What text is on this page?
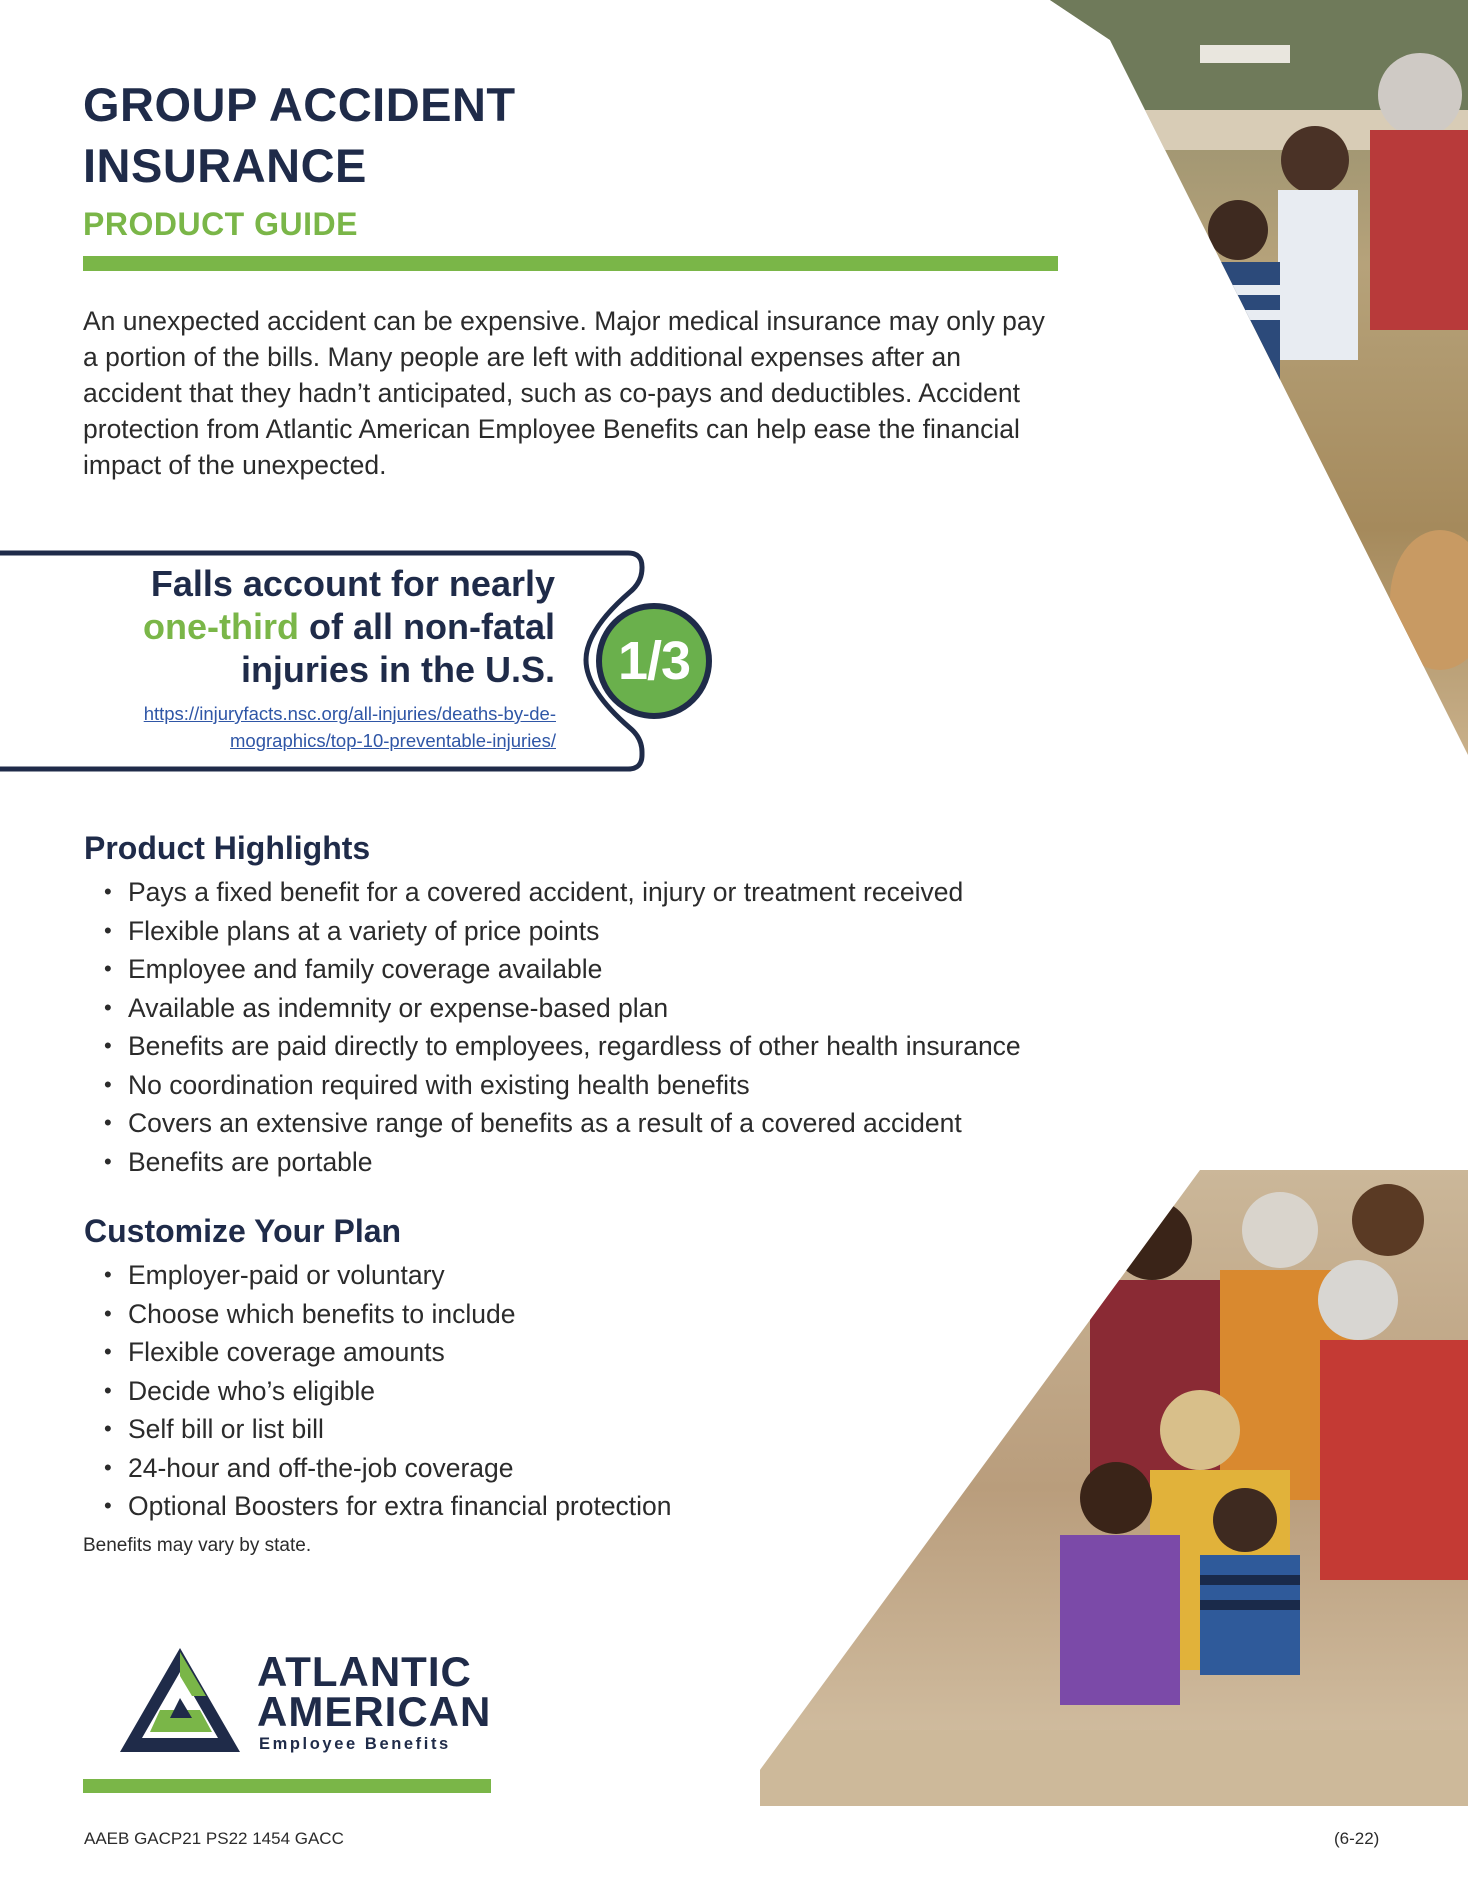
GROUP ACCIDENT
INSURANCE
PRODUCT GUIDE

An unexpected accident can be expensive. Major medical insurance may only pay a portion of the bills. Many people are left with additional expenses after an accident that they hadn’t anticipated, such as co-pays and deductibles. Accident protection from Atlantic American Employee Benefits can help ease the financial impact of the unexpected.

Falls account for nearly
one-third of all non-fatal
injuries in the U.S.
https://injuryfacts.nsc.org/all-injuries/deaths-by-de-
mographics/top-10-preventable-injuries/
1/3
Product Highlights
• Pays a fixed benefit for a covered accident, injury or treatment received
• Flexible plans at a variety of price points
• Employee and family coverage available
• Available as indemnity or expense-based plan
• Benefits are paid directly to employees, regardless of other health insurance
• No coordination required with existing health benefits
• Covers an extensive range of benefits as a result of a covered accident
• Benefits are portable
Customize Your Plan
• Employer-paid or voluntary
• Choose which benefits to include
• Flexible coverage amounts
• Decide who’s eligible
• Self bill or list bill
• 24-hour and off-the-job coverage
• Optional Boosters for extra financial protection

Benefits may vary by state.

ATLANTIC
AMERICAN
Employee Benefits
AAEB GACP21 PS22 1454 GACC	(6-22)
